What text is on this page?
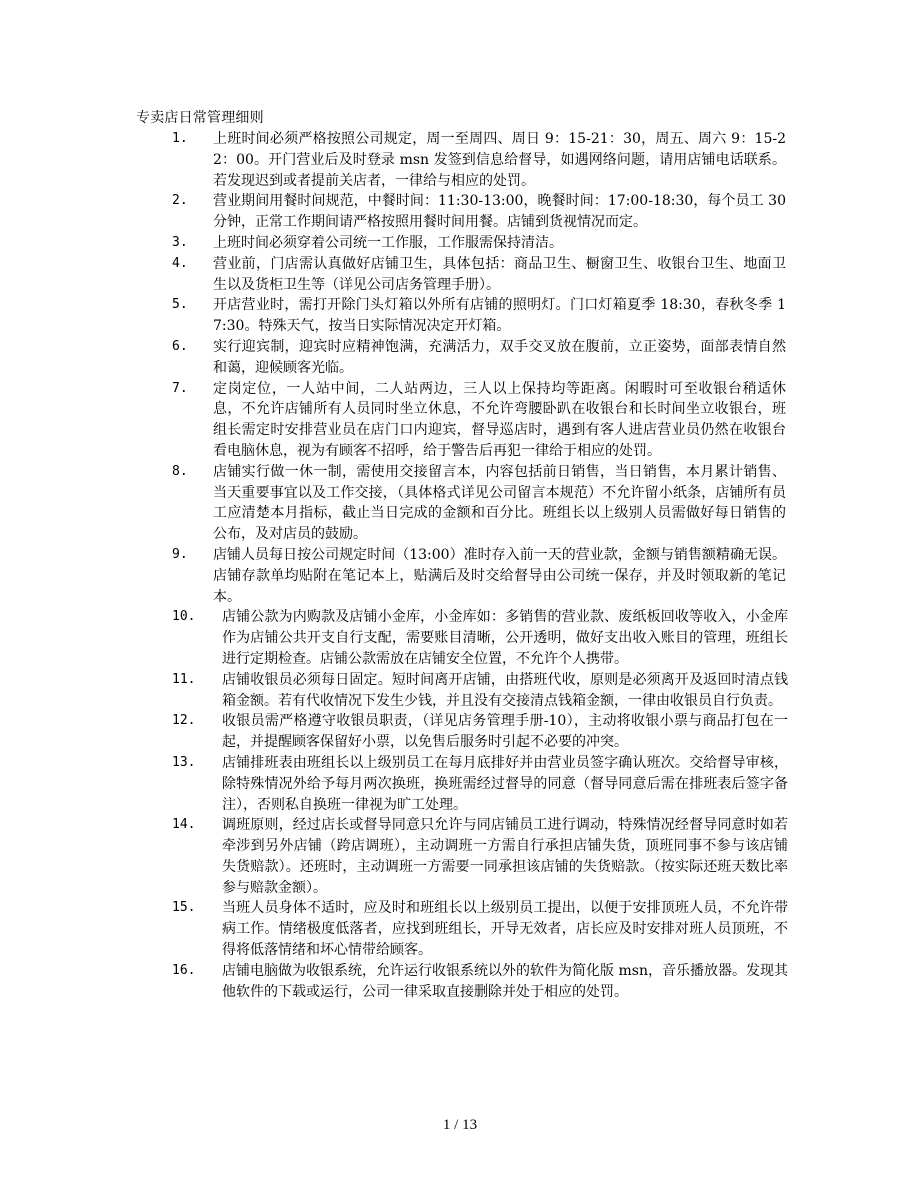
专卖店日常管理细则
1. 上班时间必须严格按照公司规定，周一至周四、周日 9：15-21：30，周五、周六 9：15-22：00。开门营业后及时登录 msn 发签到信息给督导，如遇网络问题，请用店铺电话联系。若发现迟到或者提前关店者，一律给与相应的处罚。
2. 营业期间用餐时间规范，中餐时间：11:30-13:00，晚餐时间：17:00-18:30，每个员工 30 分钟，正常工作期间请严格按照用餐时间用餐。店铺到货视情况而定。
3. 上班时间必须穿着公司统一工作服，工作服需保持清洁。
4. 营业前，门店需认真做好店铺卫生，具体包括：商品卫生、橱窗卫生、收银台卫生、地面卫生以及货柜卫生等（详见公司店务管理手册）。
5. 开店营业时，需打开除门头灯箱以外所有店铺的照明灯。门口灯箱夏季 18:30，春秋冬季 17:30。特殊天气，按当日实际情况决定开灯箱。
6. 实行迎宾制，迎宾时应精神饱满，充满活力，双手交叉放在腹前，立正姿势，面部表情自然和蔼，迎候顾客光临。
7. 定岗定位，一人站中间，二人站两边，三人以上保持均等距离。闲暇时可至收银台稍适休息，不允许店铺所有人员同时坐立休息，不允许弯腰卧趴在收银台和长时间坐立收银台，班组长需定时安排营业员在店门口内迎宾，督导巡店时，遇到有客人进店营业员仍然在收银台看电脑休息，视为有顾客不招呼，给于警告后再犯一律给于相应的处罚。
8. 店铺实行做一休一制，需使用交接留言本，内容包括前日销售，当日销售，本月累计销售、当天重要事宜以及工作交接，（具体格式详见公司留言本规范）不允许留小纸条，店铺所有员工应清楚本月指标，截止当日完成的金额和百分比。班组长以上级别人员需做好每日销售的公布，及对店员的鼓励。
9. 店铺人员每日按公司规定时间（13:00）准时存入前一天的营业款，金额与销售额精确无误。店铺存款单均贴附在笔记本上，贴满后及时交给督导由公司统一保存，并及时领取新的笔记本。
10. 店铺公款为内购款及店铺小金库，小金库如：多销售的营业款、废纸板回收等收入，小金库作为店铺公共开支自行支配，需要账目清晰，公开透明，做好支出收入账目的管理，班组长进行定期检查。店铺公款需放在店铺安全位置，不允许个人携带。
11. 店铺收银员必须每日固定。短时间离开店铺，由搭班代收，原则是必须离开及返回时清点钱箱金额。若有代收情况下发生少钱，并且没有交接清点钱箱金额，一律由收银员自行负责。
12. 收银员需严格遵守收银员职责，（详见店务管理手册-10），主动将收银小票与商品打包在一起，并提醒顾客保留好小票，以免售后服务时引起不必要的冲突。
13. 店铺排班表由班组长以上级别员工在每月底排好并由营业员签字确认班次。交给督导审核，除特殊情况外给予每月两次换班，换班需经过督导的同意（督导同意后需在排班表后签字备注），否则私自换班一律视为旷工处理。
14. 调班原则，经过店长或督导同意只允许与同店铺员工进行调动，特殊情况经督导同意时如若牵涉到另外店铺（跨店调班），主动调班一方需自行承担店铺失货，顶班同事不参与该店铺失货赔款）。还班时，主动调班一方需要一同承担该店铺的失货赔款。（按实际还班天数比率参与赔款金额）。
15. 当班人员身体不适时，应及时和班组长以上级别员工提出，以便于安排顶班人员，不允许带病工作。情绪极度低落者，应找到班组长，开导无效者，店长应及时安排对班人员顶班，不得将低落情绪和坏心情带给顾客。
16. 店铺电脑做为收银系统，允许运行收银系统以外的软件为简化版 msn，音乐播放器。发现其他软件的下载或运行，公司一律采取直接删除并处于相应的处罚。
1 / 13
